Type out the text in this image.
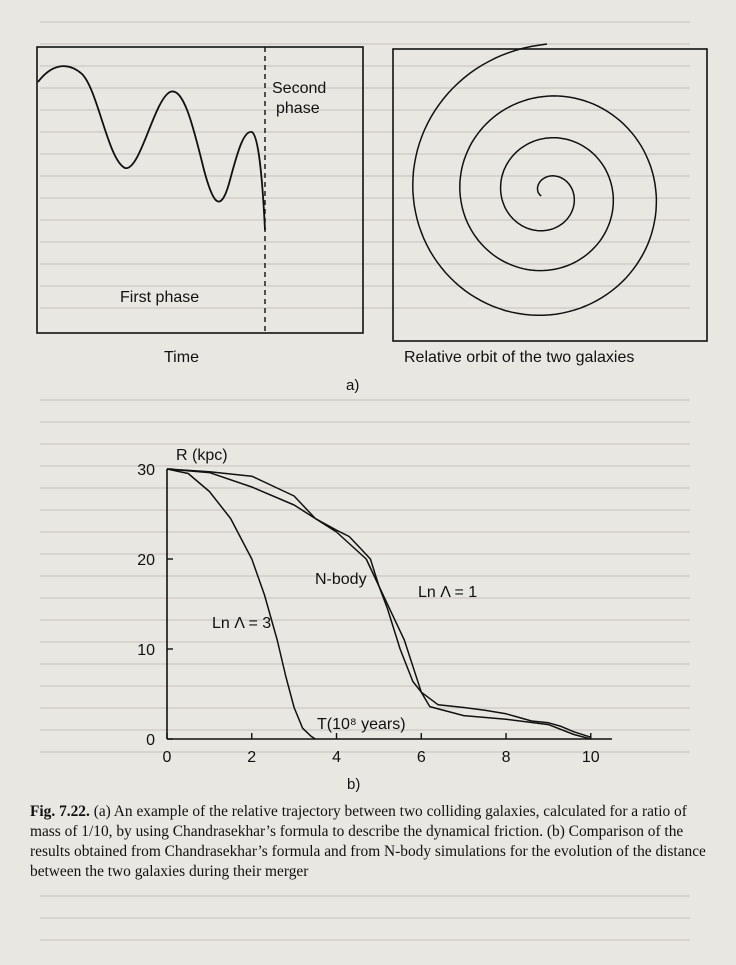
First phase
Second
phase
Time	Relative orbit of the two galaxies
a)
0	2	4	6	8	10
0
10
20
30
R (kpc)
T(10⁸ years)
N-body
Ln Λ = 1
Ln Λ = 3
b)

Fig. 7.22. (a) An example of the relative trajectory between two colliding galaxies, calculated for a ratio of mass of 1/10, by using Chandrasekhar’s formula to describe the dynamical friction. (b) Comparison of the results obtained from Chandrasekhar’s formula and from N-body simulations for the evolution of the distance between the two galaxies during their merger
